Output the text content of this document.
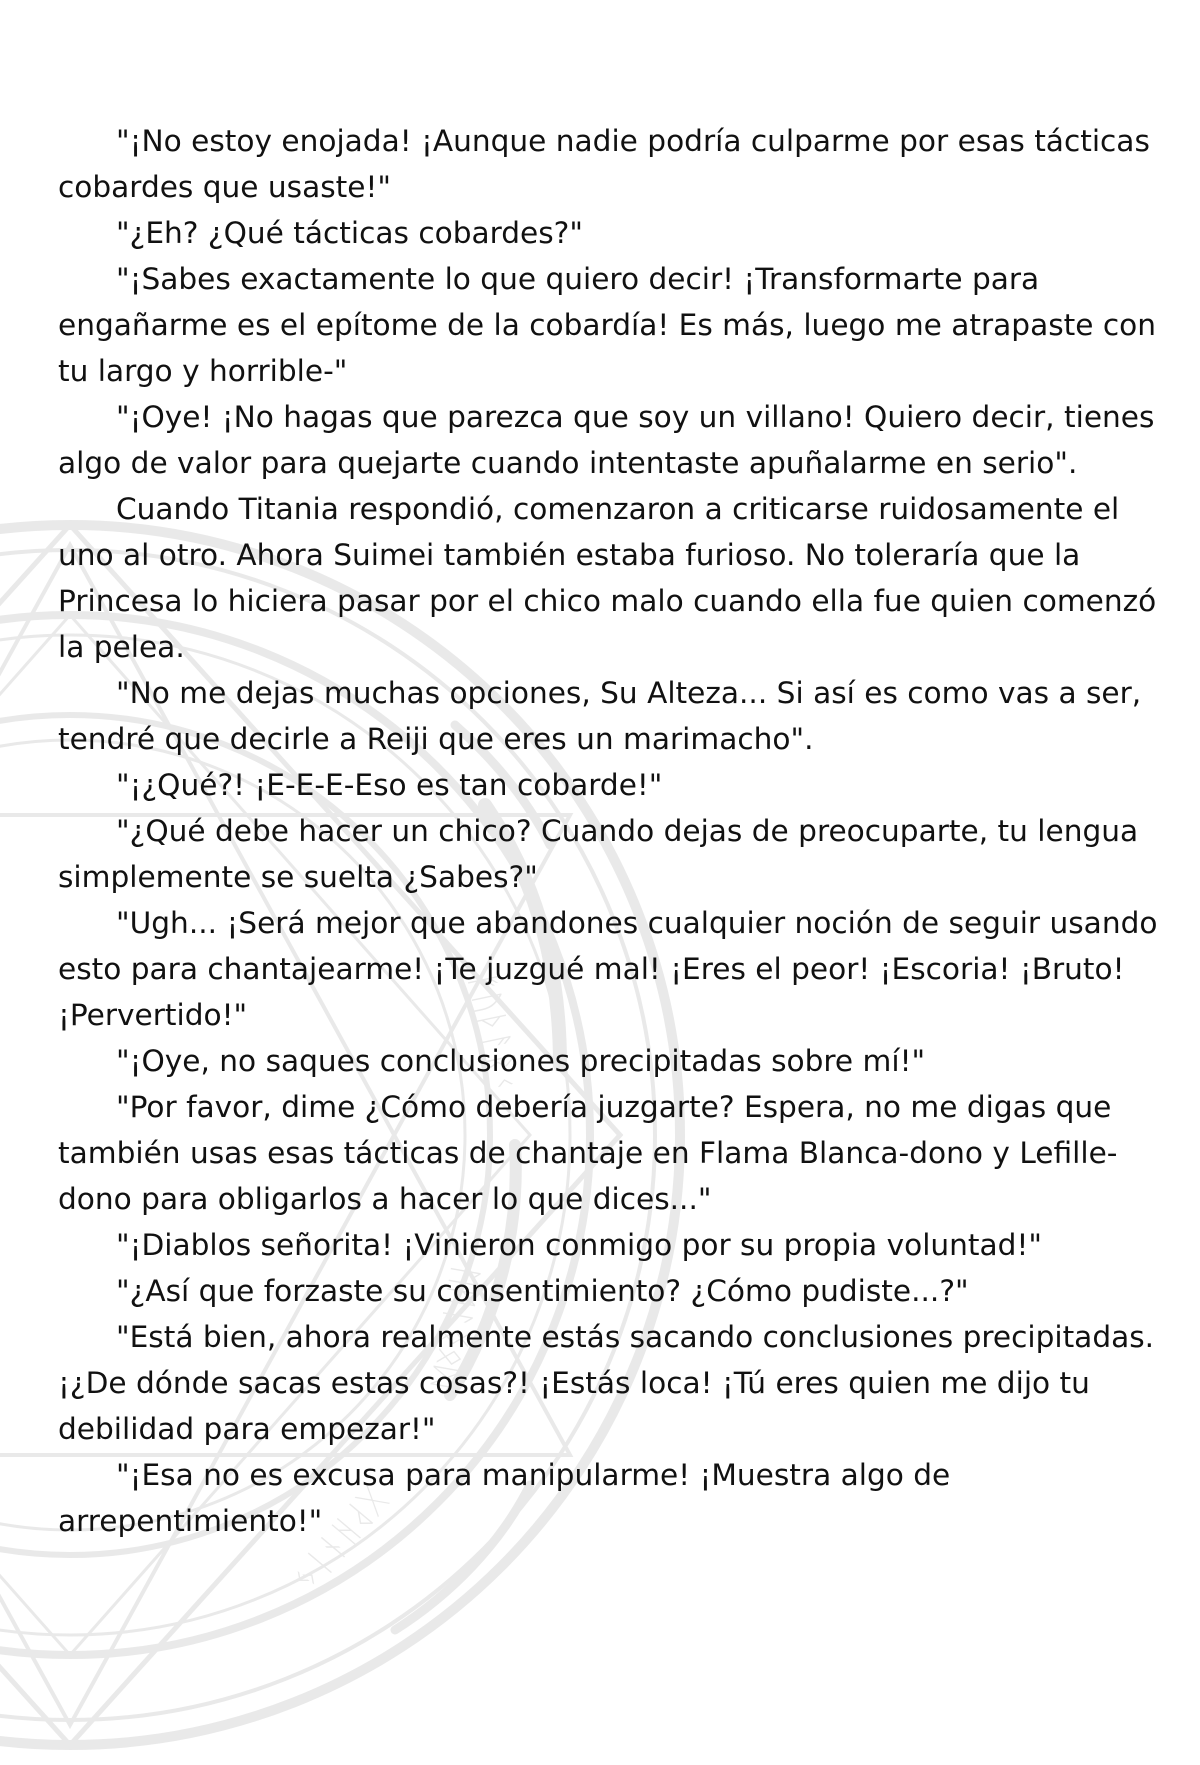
ᚠᚢᚦᚨᚱᚲ
ᛖᛗᛚᛝᛟᛞ
ᚷᚹᚺᚾᛁᛃ

"¡No estoy enojada! ¡Aunque nadie podría culparme por esas tácticas cobardes que usaste!"

"¿Eh? ¿Qué tácticas cobardes?"

"¡Sabes exactamente lo que quiero decir! ¡Transformarte para engañarme es el epítome de la cobardía! Es más, luego me atrapaste con tu largo y horrible-"

"¡Oye! ¡No hagas que parezca que soy un villano! Quiero decir, tienes algo de valor para quejarte cuando intentaste apuñalarme en serio".

Cuando Titania respondió, comenzaron a criticarse ruidosamente el uno al otro. Ahora Suimei también estaba furioso. No toleraría que la Princesa lo hiciera pasar por el chico malo cuando ella fue quien comenzó la pelea.

"No me dejas muchas opciones, Su Alteza... Si así es como vas a ser, tendré que decirle a Reiji que eres un marimacho".

"¡¿Qué?! ¡E-E-E-Eso es tan cobarde!"

"¿Qué debe hacer un chico? Cuando dejas de preocuparte, tu lengua simplemente se suelta ¿Sabes?"

"Ugh... ¡Será mejor que abandones cualquier noción de seguir usando esto para chantajearme! ¡Te juzgué mal! ¡Eres el peor! ¡Escoria! ¡Bruto! ¡Pervertido!"

"¡Oye, no saques conclusiones precipitadas sobre mí!"

"Por favor, dime ¿Cómo debería juzgarte? Espera, no me digas que también usas esas tácticas de chantaje en Flama Blanca-dono y Lefille-dono para obligarlos a hacer lo que dices..."

"¡Diablos señorita! ¡Vinieron conmigo por su propia voluntad!"

"¿Así que forzaste su consentimiento? ¿Cómo pudiste...?"

"Está bien, ahora realmente estás sacando conclusiones precipitadas. ¡¿De dónde sacas estas cosas?! ¡Estás loca! ¡Tú eres quien me dijo tu debilidad para empezar!"

"¡Esa no es excusa para manipularme! ¡Muestra algo de arrepentimiento!"
